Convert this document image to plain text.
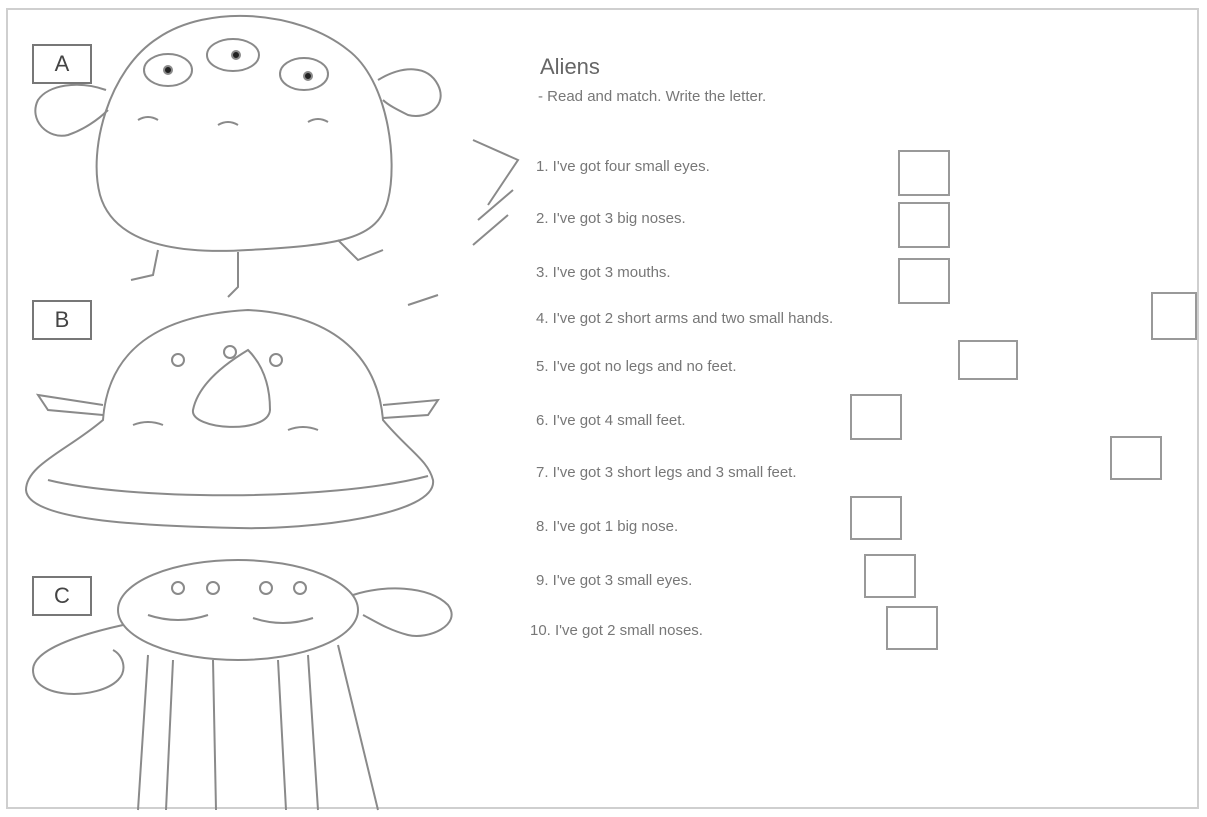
A
B
C
Aliens
- Read and match. Write the letter.
1. I've got four small eyes.
2. I've got 3 big noses.
3. I've got 3 mouths.
4. I've got 2 short arms and two small hands.
5. I've got no legs and no feet.
6. I've got 4 small feet.
7. I've got 3 short legs and 3 small feet.
8. I've got 1 big nose.
9. I've got 3 small eyes.
10. I've got 2 small noses.
